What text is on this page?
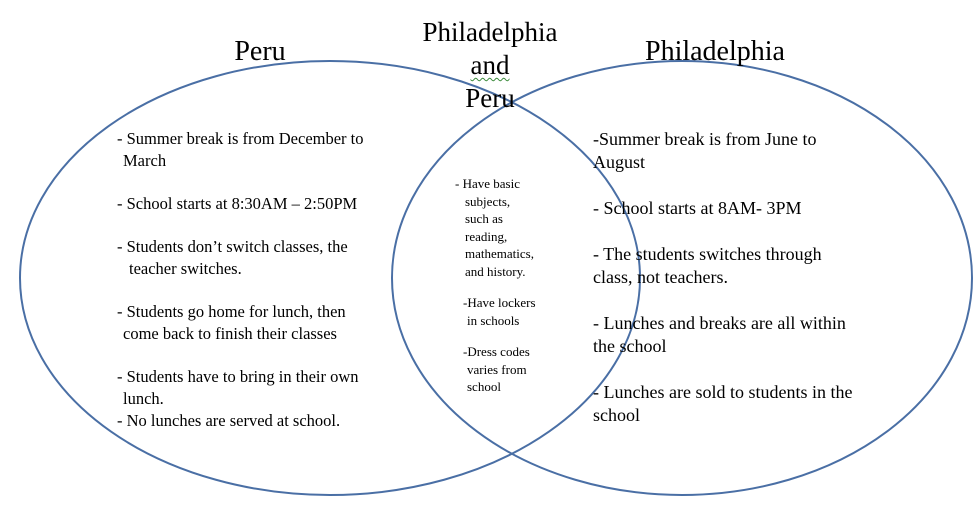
Peru
Philadelphia
and
Peru
Philadelphia
- Summer break is from December to
March
- School starts at 8:30AM – 2:50PM
- Students don’t switch classes, the
teacher switches.
- Students go home for lunch, then
come back to finish their classes
- Students have to bring in their own
lunch.
- No lunches are served at school.
- Have basic
subjects,
such as
reading,
mathematics,
and history.
-Have lockers
in schools
-Dress codes
varies from
school
-Summer break is from June to
August
- School starts at 8AM- 3PM
- The students switches through
class, not teachers.
- Lunches and breaks are all within
the school
- Lunches are sold to students in the
school
